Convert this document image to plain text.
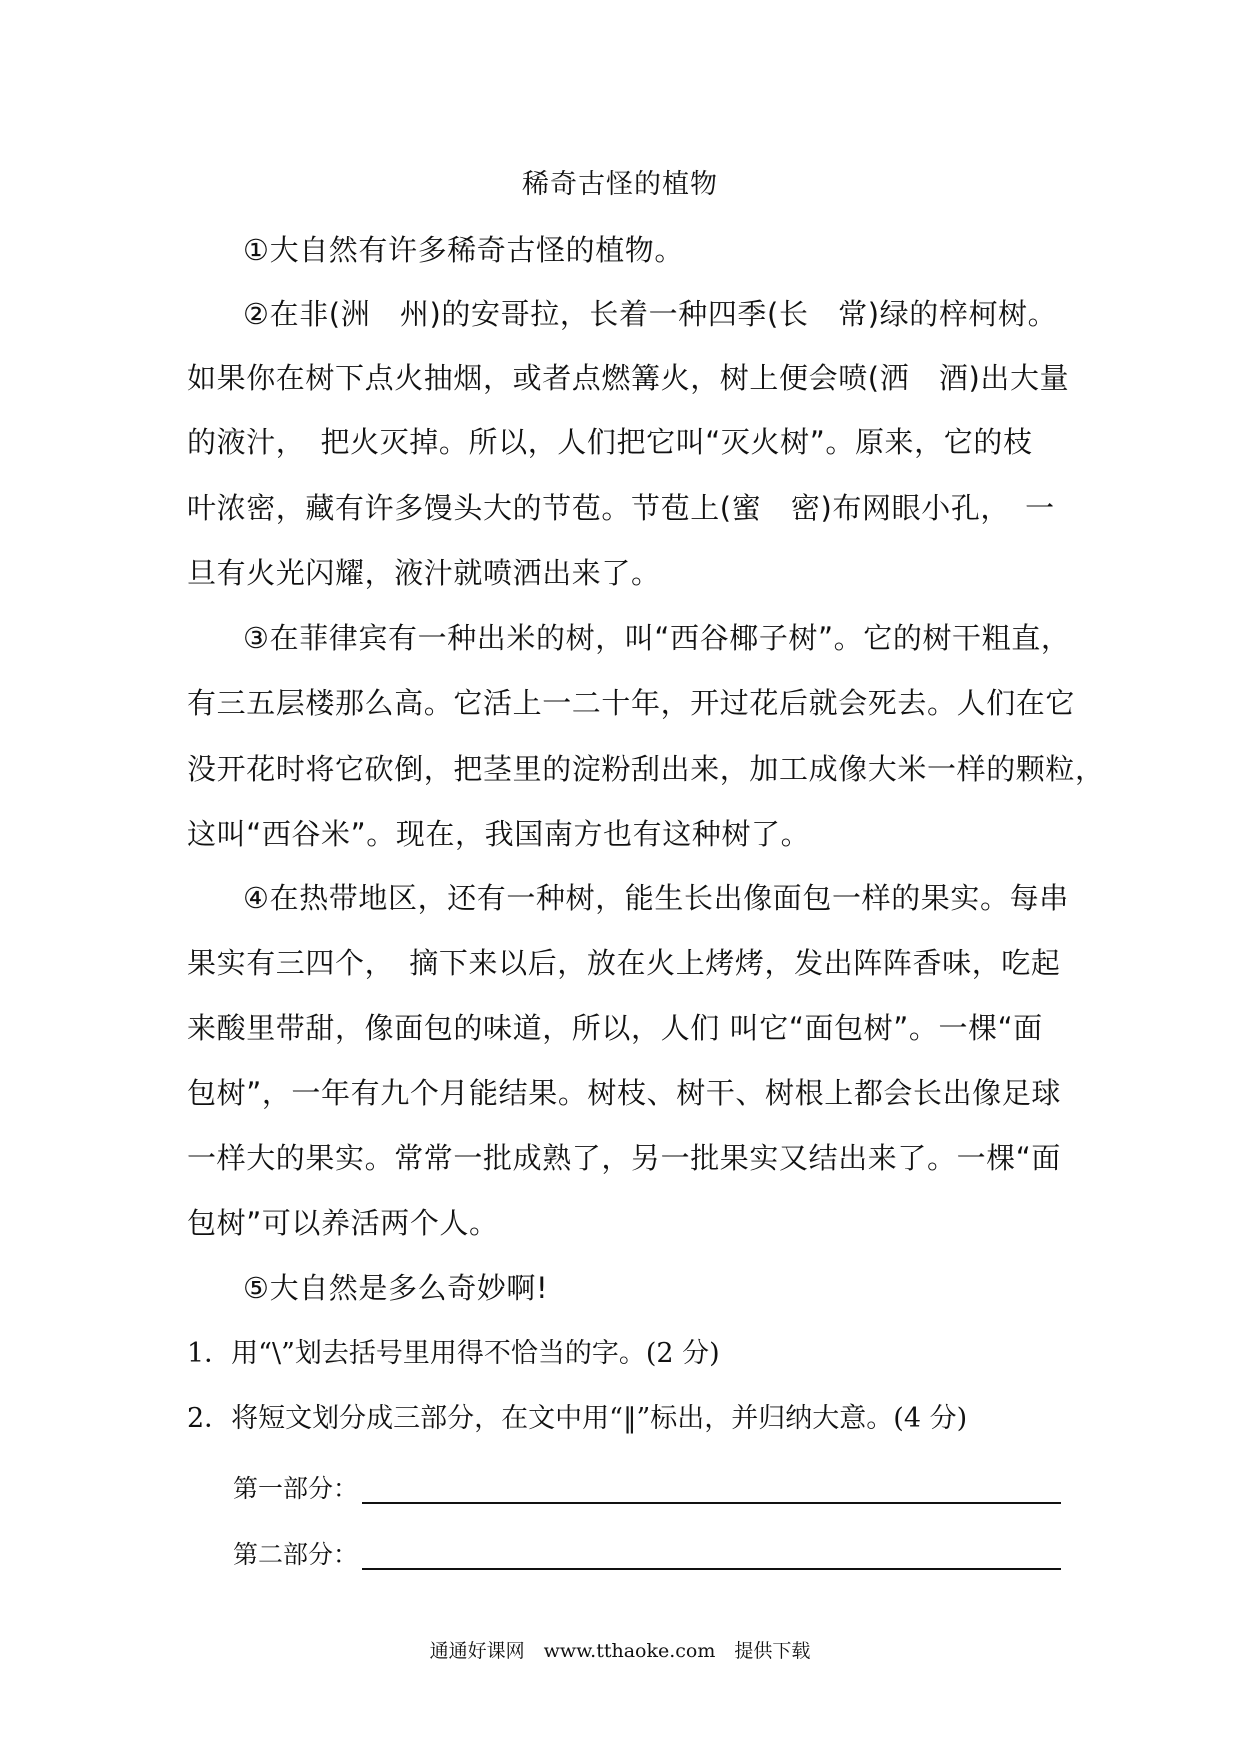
稀奇古怪的植物
①大自然有许多稀奇古怪的植物。
②在非(洲　州)的安哥拉，长着一种四季(长　常)绿的梓柯树。
如果你在树下点火抽烟，或者点燃篝火，树上便会喷(洒　酒)出大量
的液汁，　把火灭掉。所以，人们把它叫“灭火树”。原来，它的枝
叶浓密，藏有许多馒头大的节苞。节苞上(蜜　密)布网眼小孔，　一
旦有火光闪耀，液汁就喷洒出来了。
③在菲律宾有一种出米的树，叫“西谷椰子树”。它的树干粗直，
有三五层楼那么高。它活上一二十年，开过花后就会死去。人们在它
没开花时将它砍倒，把茎里的淀粉刮出来，加工成像大米一样的颗粒，
这叫“西谷米”。现在，我国南方也有这种树了。
④在热带地区，还有一种树，能生长出像面包一样的果实。每串
果实有三四个，　摘下来以后，放在火上烤烤，发出阵阵香味，吃起
来酸里带甜，像面包的味道，所以，人们 叫它“面包树”。一棵“面
包树”，一年有九个月能结果。树枝、树干、树根上都会长出像足球
一样大的果实。常常一批成熟了，另一批果实又结出来了。一棵“面
包树”可以养活两个人。
⑤大自然是多么奇妙啊!
1．用“\”划去括号里用得不恰当的字。(2 分)
2．将短文划分成三部分，在文中用“‖”标出，并归纳大意。(4 分)
第一部分：
第二部分：
通通好课网　www.tthaoke.com　提供下载
